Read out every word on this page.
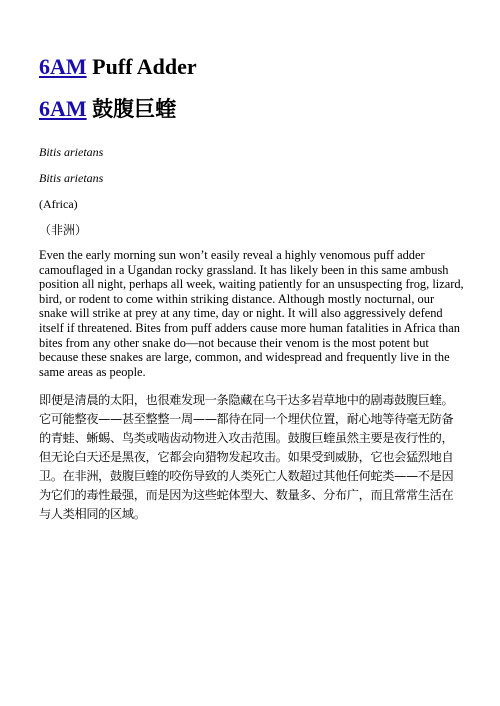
6AM Puff Adder
6AM 鼓腹巨蝰

Bitis arietans

Bitis arietans

(Africa)

（非洲）

Even the early morning sun won’t easily reveal a highly venomous puff adder camouflaged in a Ugandan rocky grassland. It has likely been in this same ambush position all night, perhaps all week, waiting patiently for an unsuspecting frog, lizard, bird, or rodent to come within striking distance. Although mostly nocturnal, our snake will strike at prey at any time, day or night. It will also aggressively defend itself if threatened. Bites from puff adders cause more human fatalities in Africa than bites from any other snake do—not because their venom is the most potent but because these snakes are large, common, and widespread and frequently live in the same areas as people.

即便是清晨的太阳，也很难发现一条隐藏在乌干达多岩草地中的剧毒鼓腹巨蝰。它可能整夜——甚至整整一周——都待在同一个埋伏位置，耐心地等待毫无防备的青蛙、蜥蜴、鸟类或啮齿动物进入攻击范围。鼓腹巨蝰虽然主要是夜行性的，但无论白天还是黑夜，它都会向猎物发起攻击。如果受到威胁，它也会猛烈地自卫。在非洲，鼓腹巨蝰的咬伤导致的人类死亡人数超过其他任何蛇类——不是因为它们的毒性最强，而是因为这些蛇体型大、数量多、分布广，而且常常生活在与人类相同的区域。
